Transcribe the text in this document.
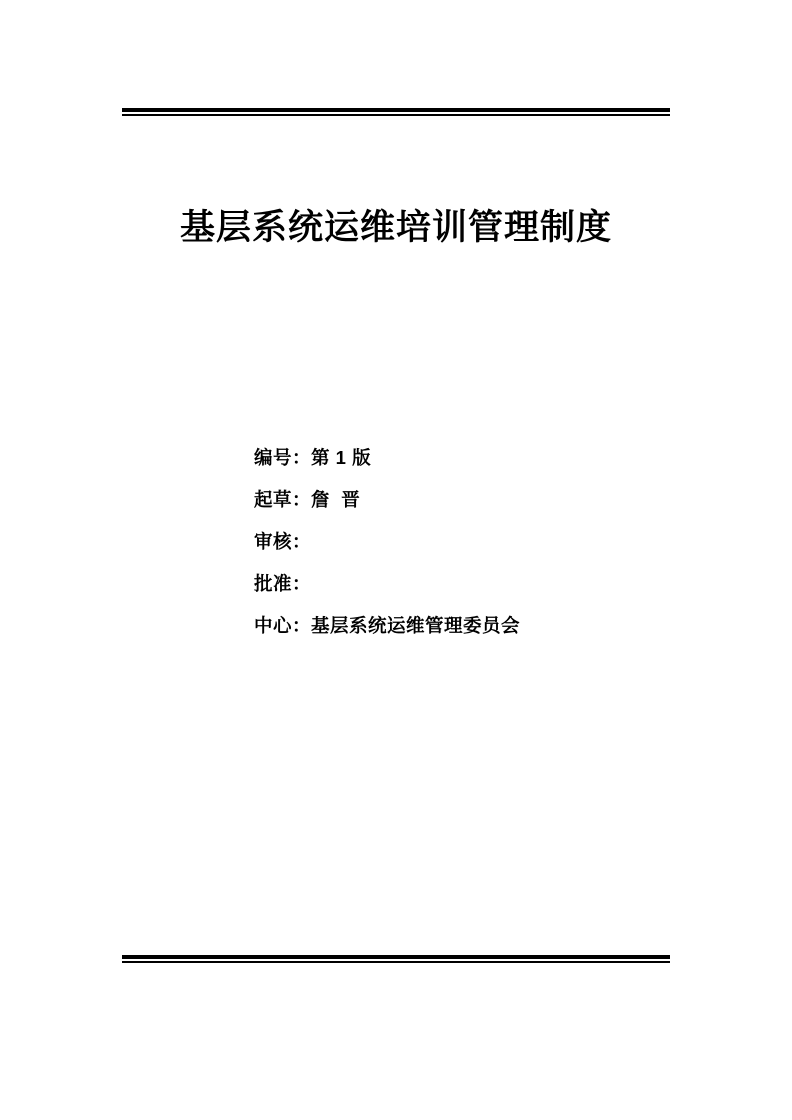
基层系统运维培训管理制度
编号：第 1 版
起草：詹  晋
审核：
批准：
中心：基层系统运维管理委员会
